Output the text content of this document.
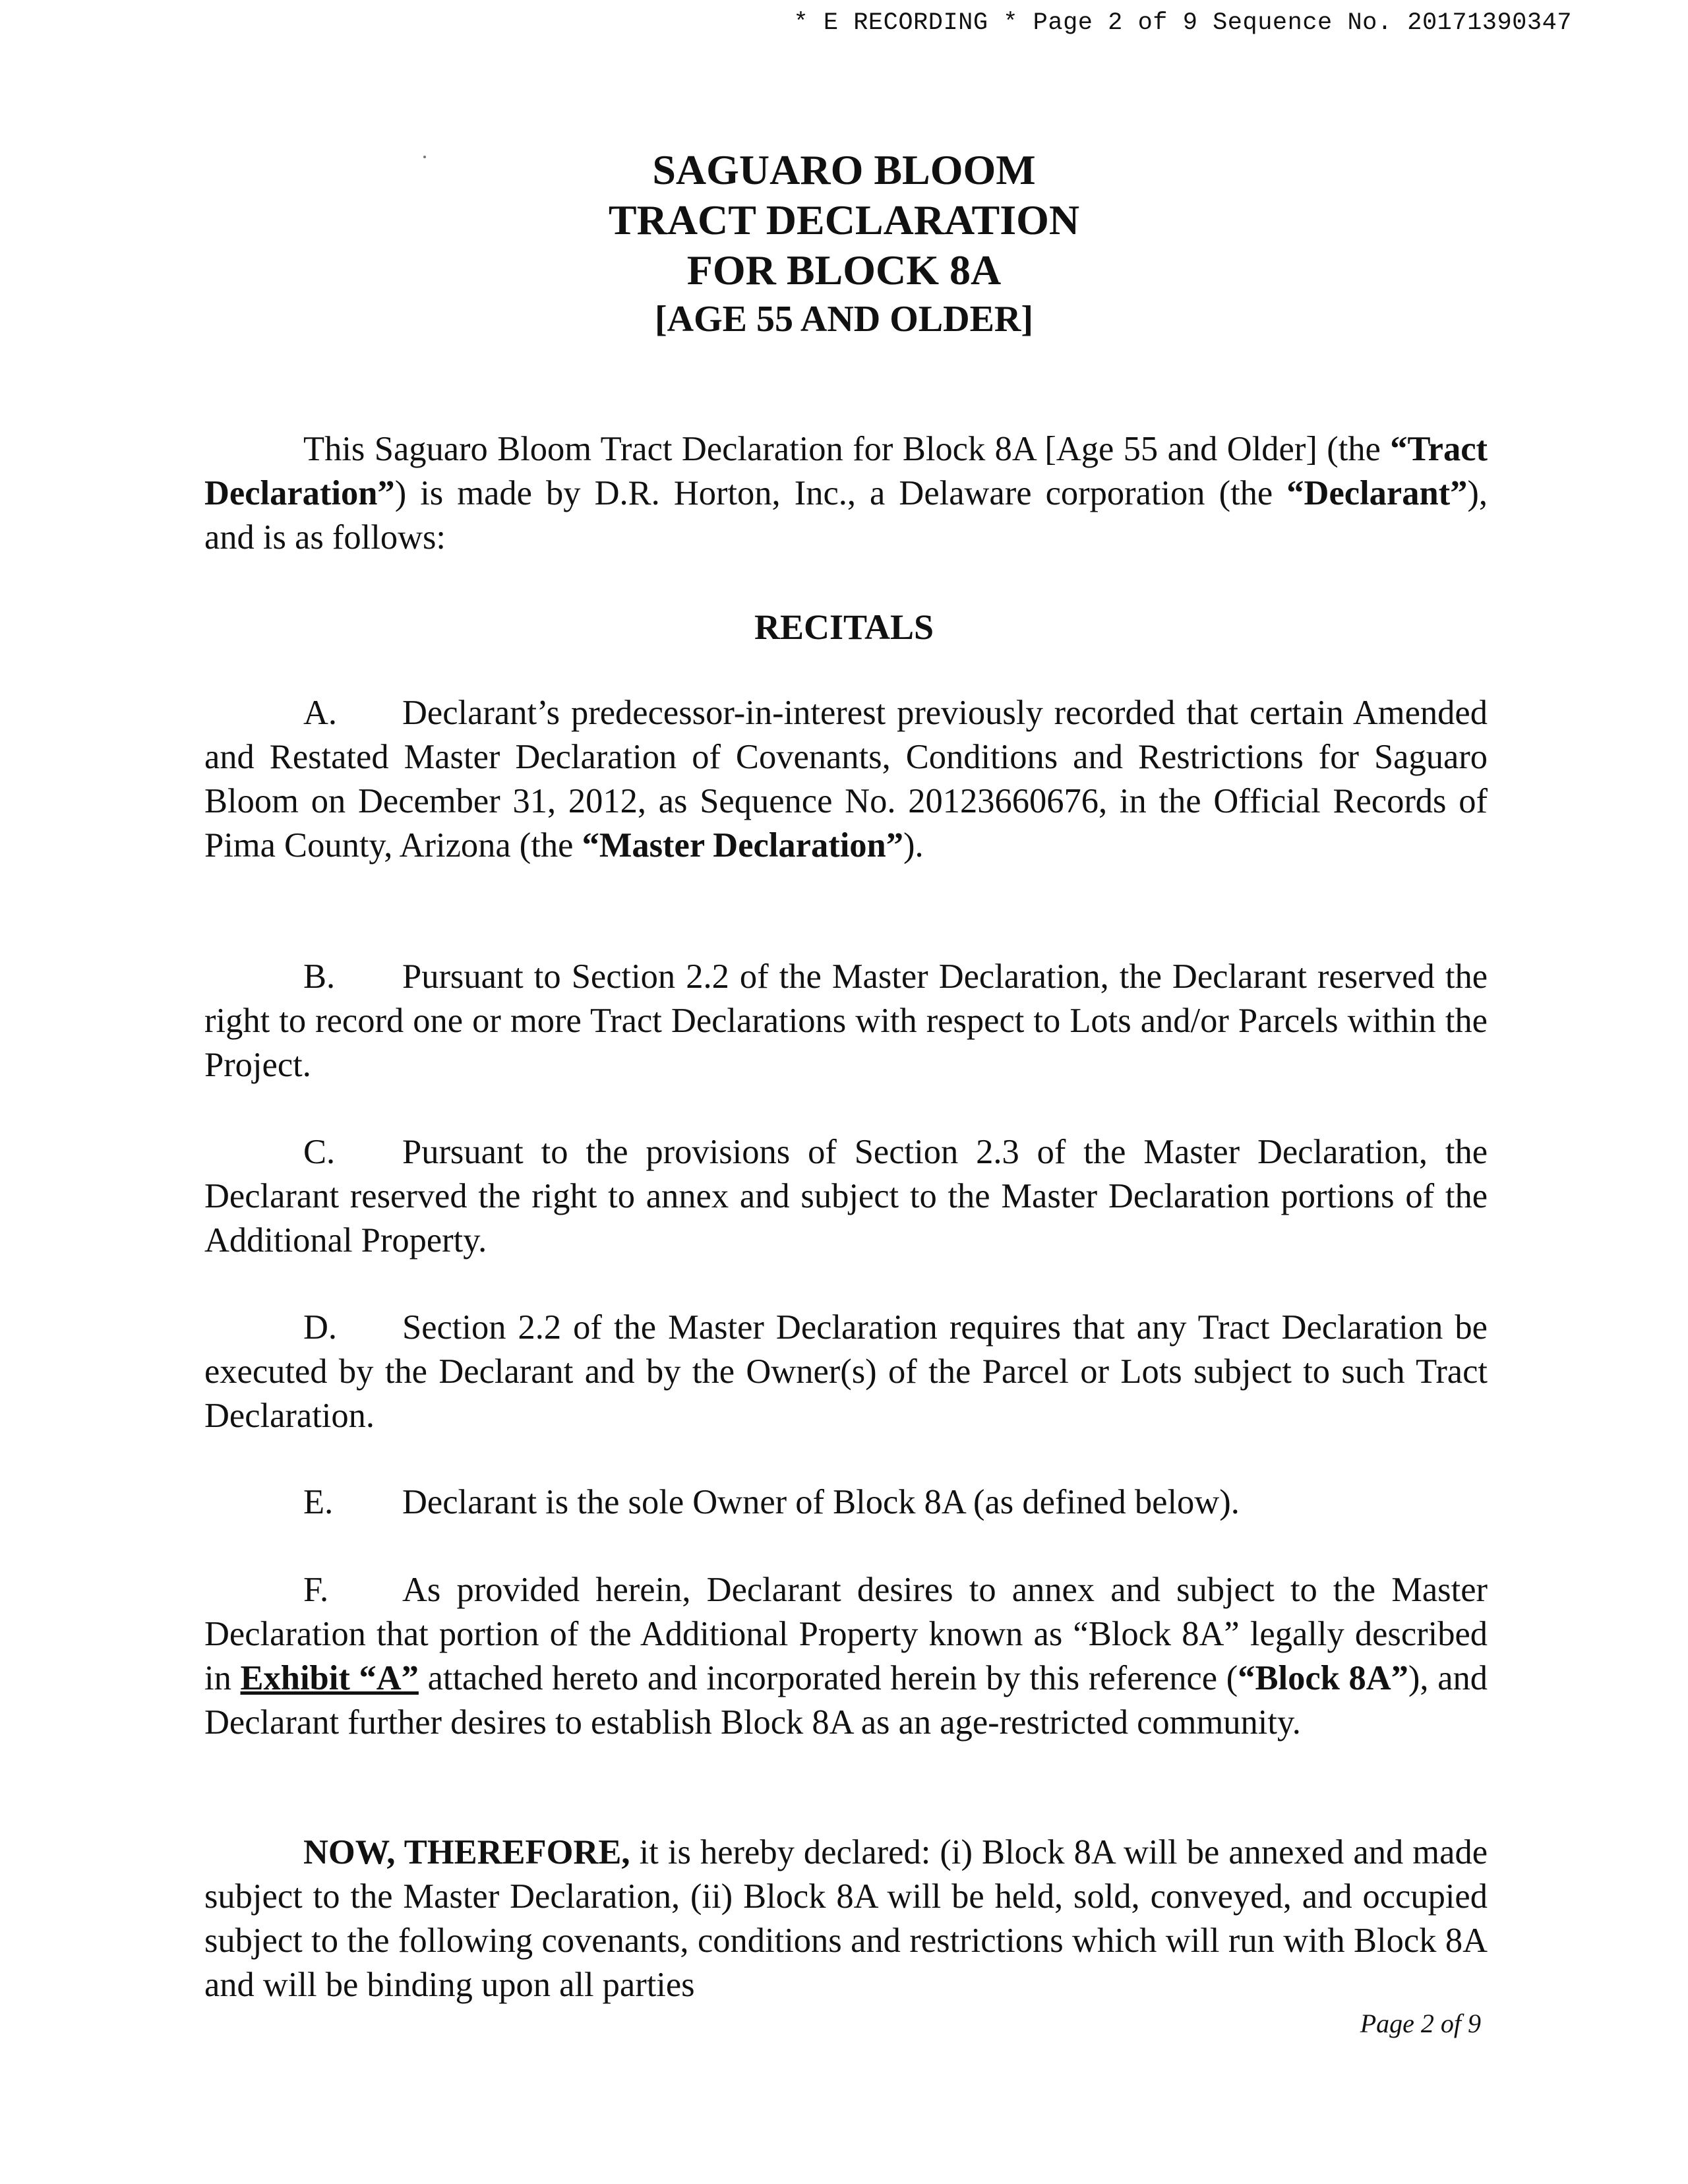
* E RECORDING * Page 2 of 9 Sequence No. 20171390347
SAGUARO BLOOM
TRACT DECLARATION
FOR BLOCK 8A
[AGE 55 AND OLDER]

This Saguaro Bloom Tract Declaration for Block 8A [Age 55 and Older] (the “Tract Declaration”) is made by D.R. Horton, Inc., a Delaware corporation (the “Declarant”), and is as follows:

RECITALS

A. Declarant’s predecessor-in-interest previously recorded that certain Amended and Restated Master Declaration of Covenants, Conditions and Restrictions for Saguaro Bloom on December 31, 2012, as Sequence No. 20123660676, in the Official Records of Pima County, Arizona (the “Master Declaration”).

B. Pursuant to Section 2.2 of the Master Declaration, the Declarant reserved the right to record one or more Tract Declarations with respect to Lots and/or Parcels within the Project.

C. Pursuant to the provisions of Section 2.3 of the Master Declaration, the Declarant reserved the right to annex and subject to the Master Declaration portions of the Additional Property.

D. Section 2.2 of the Master Declaration requires that any Tract Declaration be executed by the Declarant and by the Owner(s) of the Parcel or Lots subject to such Tract Declaration.

E. Declarant is the sole Owner of Block 8A (as defined below).

F. As provided herein, Declarant desires to annex and subject to the Master Declaration that portion of the Additional Property known as “Block 8A” legally described in Exhibit “A” attached hereto and incorporated herein by this reference (“Block 8A”), and Declarant further desires to establish Block 8A as an age-restricted community.

NOW, THEREFORE, it is hereby declared: (i) Block 8A will be annexed and made subject to the Master Declaration, (ii) Block 8A will be held, sold, conveyed, and occupied subject to the following covenants, conditions and restrictions which will run with Block 8A and will be binding upon all parties

Page 2 of 9
